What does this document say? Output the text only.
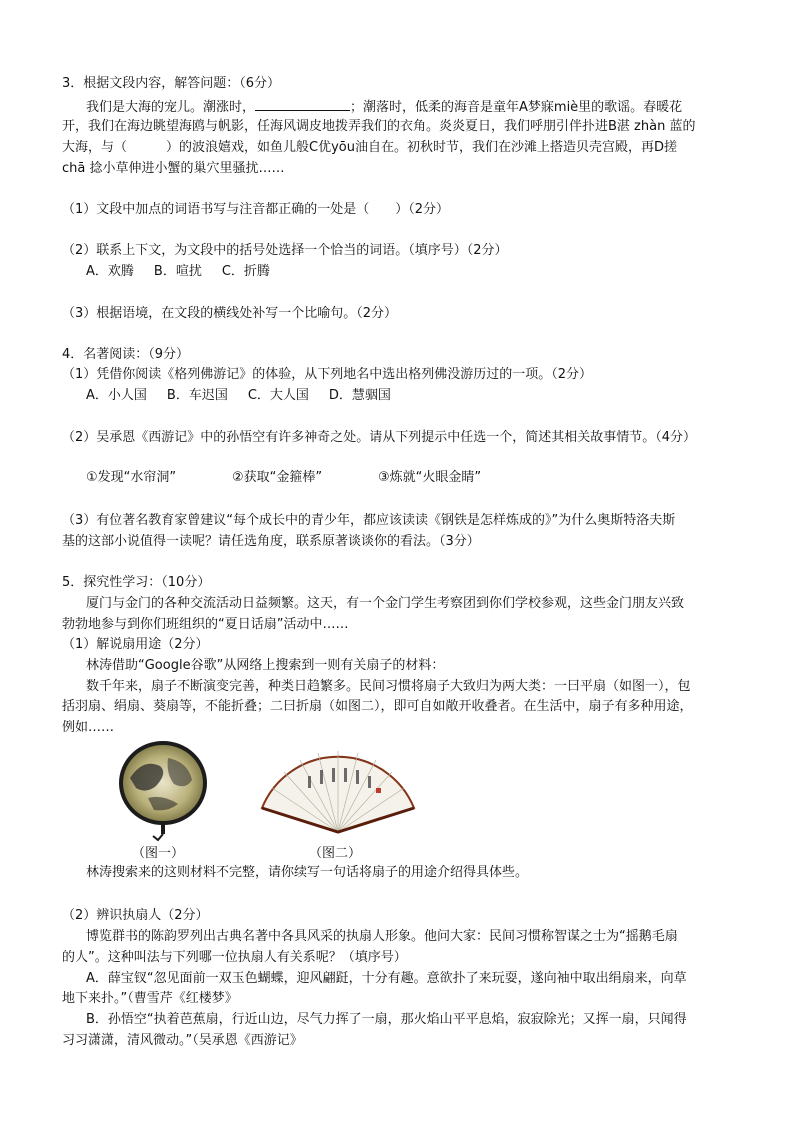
3．根据文段内容，解答问题：（6分）
我们是大海的宠儿。潮涨时，	；潮落时，低柔的海音是童年A梦寐miè里的歌谣。春暖花
开，我们在海边眺望海鸥与帆影，任海风调皮地拨弄我们的衣角。炎炎夏日，我们呼朋引伴扑进B湛 zhàn 蓝的
大海，与（　　　）的波浪嬉戏，如鱼儿般C优yōu油自在。初秋时节，我们在沙滩上搭造贝壳宫殿，再D搓
chā 捻小草伸进小蟹的巢穴里骚扰……
（1）文段中加点的词语书写与注音都正确的一处是（　　）（2分）
（2）联系上下文，为文段中的括号处选择一个恰当的词语。（填序号）（2分）
A．欢腾 B．喧扰 C．折腾
（3）根据语境，在文段的横线处补写一个比喻句。（2分）
4．名著阅读：（9分）
（1）凭借你阅读《格列佛游记》的体验，从下列地名中选出格列佛没游历过的一项。（2分）
A．小人国 B．车迟国 C．大人国 D．慧骃国
（2）吴承恩《西游记》中的孙悟空有许多神奇之处。请从下列提示中任选一个，简述其相关故事情节。（4分）
①发现“水帘洞”	②获取“金箍棒”	③炼就“火眼金睛”
（3）有位著名教育家曾建议“每个成长中的青少年，都应该读读《钢铁是怎样炼成的》”为什么奥斯特洛夫斯
基的这部小说值得一读呢？请任选角度，联系原著谈谈你的看法。（3分）
5．探究性学习：（10分）
厦门与金门的各种交流活动日益频繁。这天，有一个金门学生考察团到你们学校参观，这些金门朋友兴致
勃勃地参与到你们班组织的“夏日话扇”活动中……
（1）解说扇用途（2分）
林涛借助“Google谷歌”从网络上搜索到一则有关扇子的材料：
数千年来，扇子不断演变完善，种类日趋繁多。民间习惯将扇子大致归为两大类：一曰平扇（如图一），包
括羽扇、绢扇、葵扇等，不能折叠；二曰折扇（如图二），即可自如敞开收叠者。在生活中，扇子有多种用途，
例如……
（图一）	（图二）
林涛搜索来的这则材料不完整，请你续写一句话将扇子的用途介绍得具体些。
（2）辨识执扇人（2分）
博览群书的陈韵罗列出古典名著中各具风采的执扇人形象。他问大家：民间习惯称智谋之士为“摇鹅毛扇
的人”。这种叫法与下列哪一位执扇人有关系呢？（填序号）
A．薛宝钗“忽见面前一双玉色蝴蝶，迎风翩跹，十分有趣。意欲扑了来玩耍，遂向袖中取出绢扇来，向草
地下来扑。”（曹雪芹《红楼梦》
B．孙悟空“执着芭蕉扇，行近山边，尽气力挥了一扇，那火焰山平平息焰，寂寂除光；又挥一扇，只闻得
习习潇潇，清风微动。”（吴承恩《西游记》
